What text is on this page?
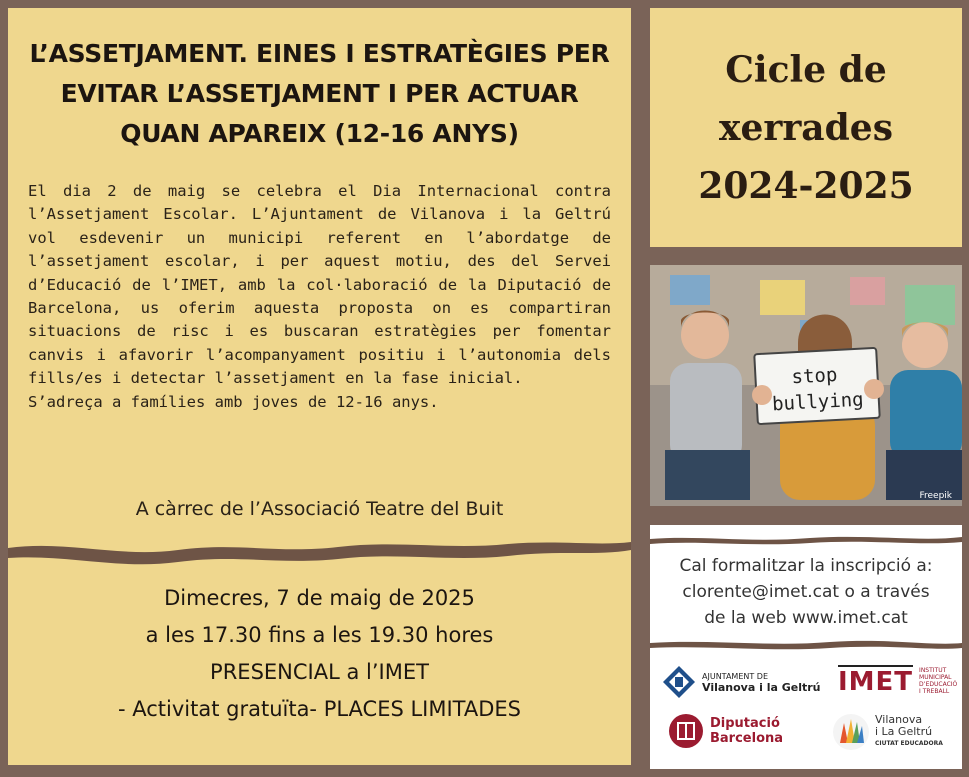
L’ASSETJAMENT. EINES I ESTRATÈGIES PER
EVITAR L’ASSETJAMENT I PER ACTUAR
QUAN APAREIX (12-16 ANYS)

El dia 2 de maig se celebra el Dia Internacional contra l’Assetjament Escolar. L’Ajuntament de Vilanova i la Geltrú vol esdevenir un municipi referent en l’abordatge de l’assetjament escolar, i per aquest motiu, des del Servei d’Educació de l’IMET, amb la col·laboració de la Diputació de Barcelona, us oferim aquesta proposta on es compartiran situacions de risc i es buscaran estratègies per fomentar canvis i afavorir l’acompanyament positiu i l’autonomia dels fills/es i detectar l’assetjament en la fase inicial.

S’adreça a famílies amb joves de 12-16 anys.

A càrrec de l’Associació Teatre del Buit
Dimecres, 7 de maig de 2025
a les 17.30 fins a les 19.30 hores
PRESENCIAL a l’IMET
- Activitat gratuïta- PLACES LIMITADES
Cicle de
xerrades
2024-2025
stop
bullying
Freepik
Cal formalitzar la inscripció a:
clorente@imet.cat o a través
de la web www.imet.cat
AJUNTAMENT DE
Vilanova i la Geltrú IMET INSTITUT
MUNICIPAL
D’EDUCACIÓ
I TREBALL
Diputació
Barcelona
Vilanova
i La Geltrú
CIUTAT EDUCADORA
